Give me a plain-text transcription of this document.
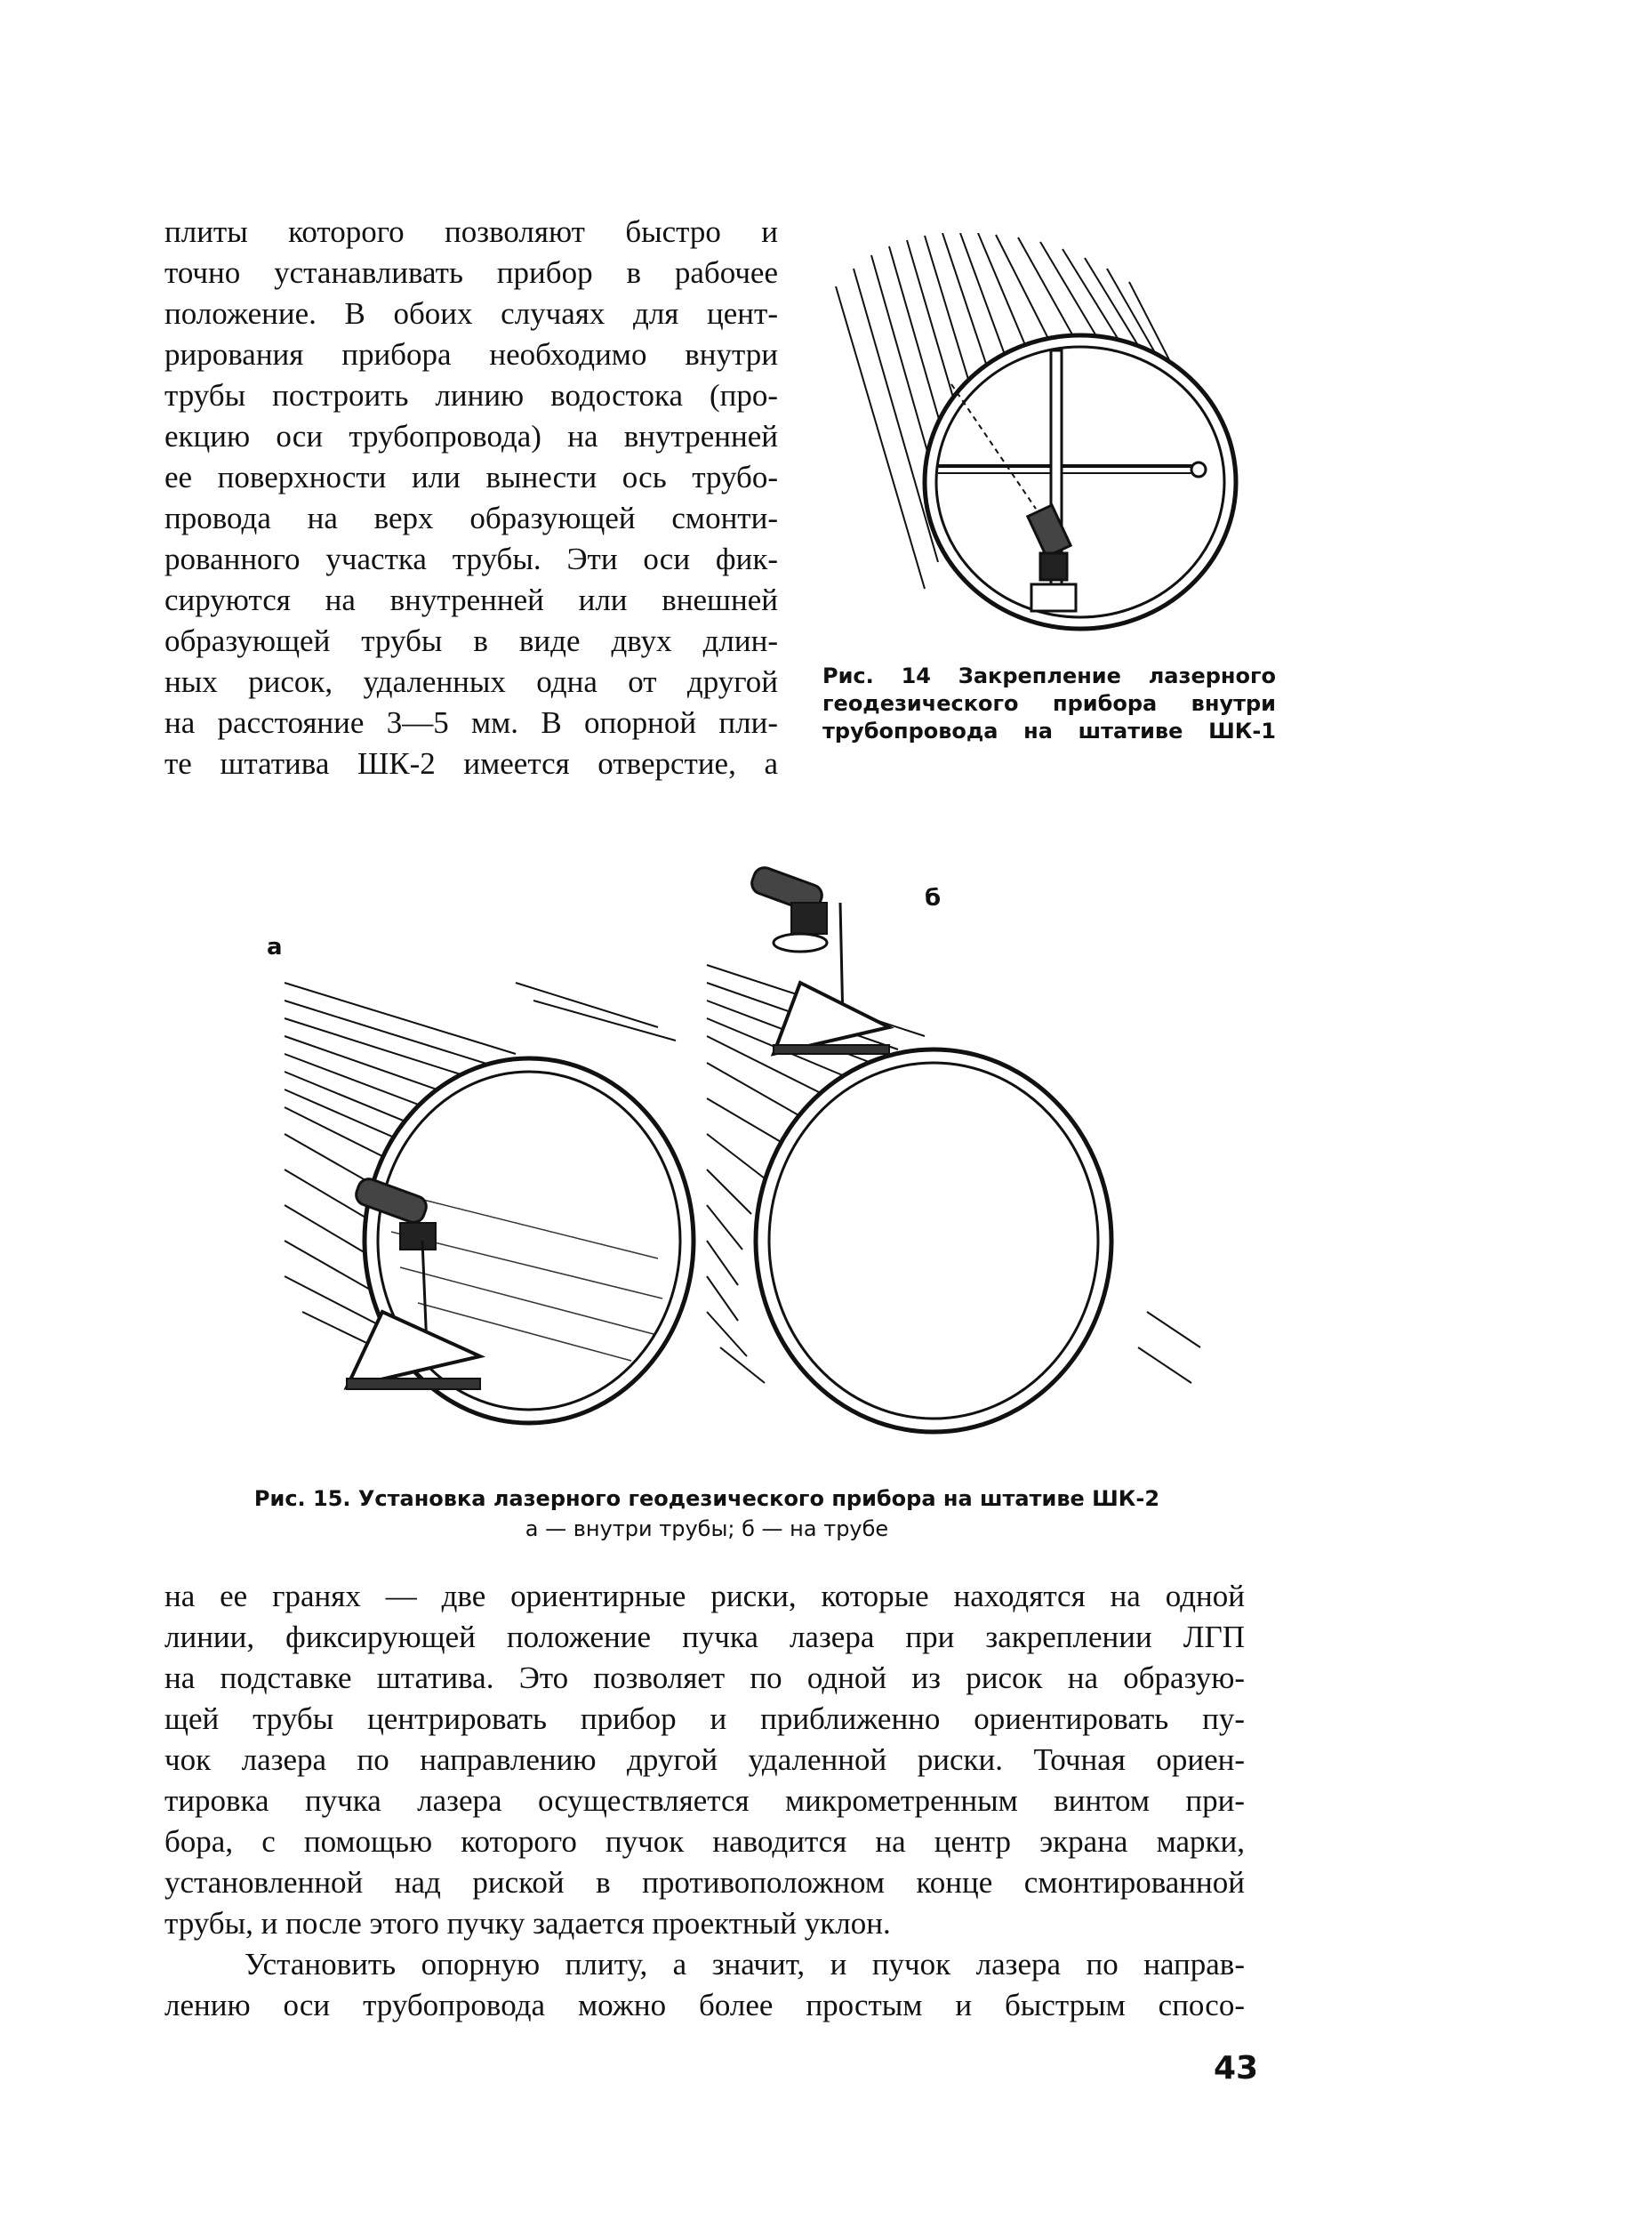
плиты которого позволяют быстро и
точно устанавливать прибор в рабочее
положение. В обоих случаях для цент-
рирования прибора необходимо внутри
трубы построить линию водостока (про-
екцию оси трубопровода) на внутренней
ее поверхности или вынести ось трубо-
провода на верх образующей смонти-
рованного участка трубы. Эти оси фик-
сируются на внутренней или внешней
образующей трубы в виде двух длин-
ных рисок, удаленных одна от другой
на расстояние 3—5 мм. В опорной пли-
те штатива ШК-2 имеется отверстие, а
Рис. 14 Закрепление лазерного
геодезического прибора внутри
трубопровода на штативе ШК-1
а
б
Рис. 15. Установка лазерного геодезического прибора на штативе ШК-2
а — внутри трубы; б — на трубе
на ее гранях — две ориентирные риски, которые находятся на одной
линии, фиксирующей положение пучка лазера при закреплении ЛГП
на подставке штатива. Это позволяет по одной из рисок на образую-
щей трубы центрировать прибор и приближенно ориентировать пу-
чок лазера по направлению другой удаленной риски. Точная ориен-
тировка пучка лазера осуществляется микрометренным винтом при-
бора, с помощью которого пучок наводится на центр экрана марки,
установленной над риской в противоположном конце смонтированной
трубы, и после этого пучку задается проектный уклон.
Установить опорную плиту, а значит, и пучок лазера по направ-
лению оси трубопровода можно более простым и быстрым спосо-
43
